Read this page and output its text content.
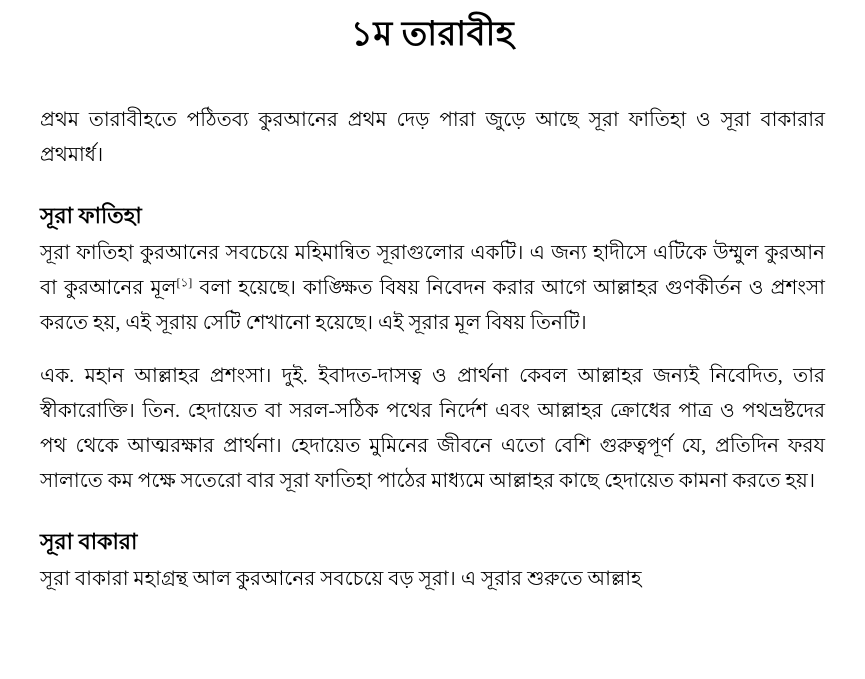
১ম তারাবীহ

প্রথম তারাবীহতে পঠিতব্য কুরআনের প্রথম দেড় পারা জুড়ে আছে সূরা ফাতিহা ও সূরা বাকারার প্রথমার্ধ।

সূরা ফাতিহা

সূরা ফাতিহা কুরআনের সবচেয়ে মহিমান্বিত সূরাগুলোর একটি। এ জন্য হাদীসে এটিকে উম্মুল কুরআন বা কুরআনের মূল[১] বলা হয়েছে। কাঙ্ক্ষিত বিষয় নিবেদন করার আগে আল্লাহর গুণকীর্তন ও প্রশংসা করতে হয়, এই সূরায় সেটি শেখানো হয়েছে। এই সূরার মূল বিষয় তিনটি।

এক. মহান আল্লাহর প্রশংসা। দুই. ইবাদত-দাসত্ব ও প্রার্থনা কেবল আল্লাহর জন্যই নিবেদিত, তার স্বীকারোক্তি। তিন. হেদায়েত বা সরল-সঠিক পথের নির্দেশ এবং আল্লাহর ক্রোধের পাত্র ও পথভ্রষ্টদের পথ থেকে আত্মরক্ষার প্রার্থনা। হেদায়েত মুমিনের জীবনে এতো বেশি গুরুত্বপূর্ণ যে, প্রতিদিন ফরয সালাতে কম পক্ষে সতেরো বার সূরা ফাতিহা পাঠের মাধ্যমে আল্লাহর কাছে হেদায়েত কামনা করতে হয়।

সূরা বাকারা

সূরা বাকারা মহাগ্রন্থ আল কুরআনের সবচেয়ে বড় সূরা। এ সূরার শুরুতে আল্লাহ
